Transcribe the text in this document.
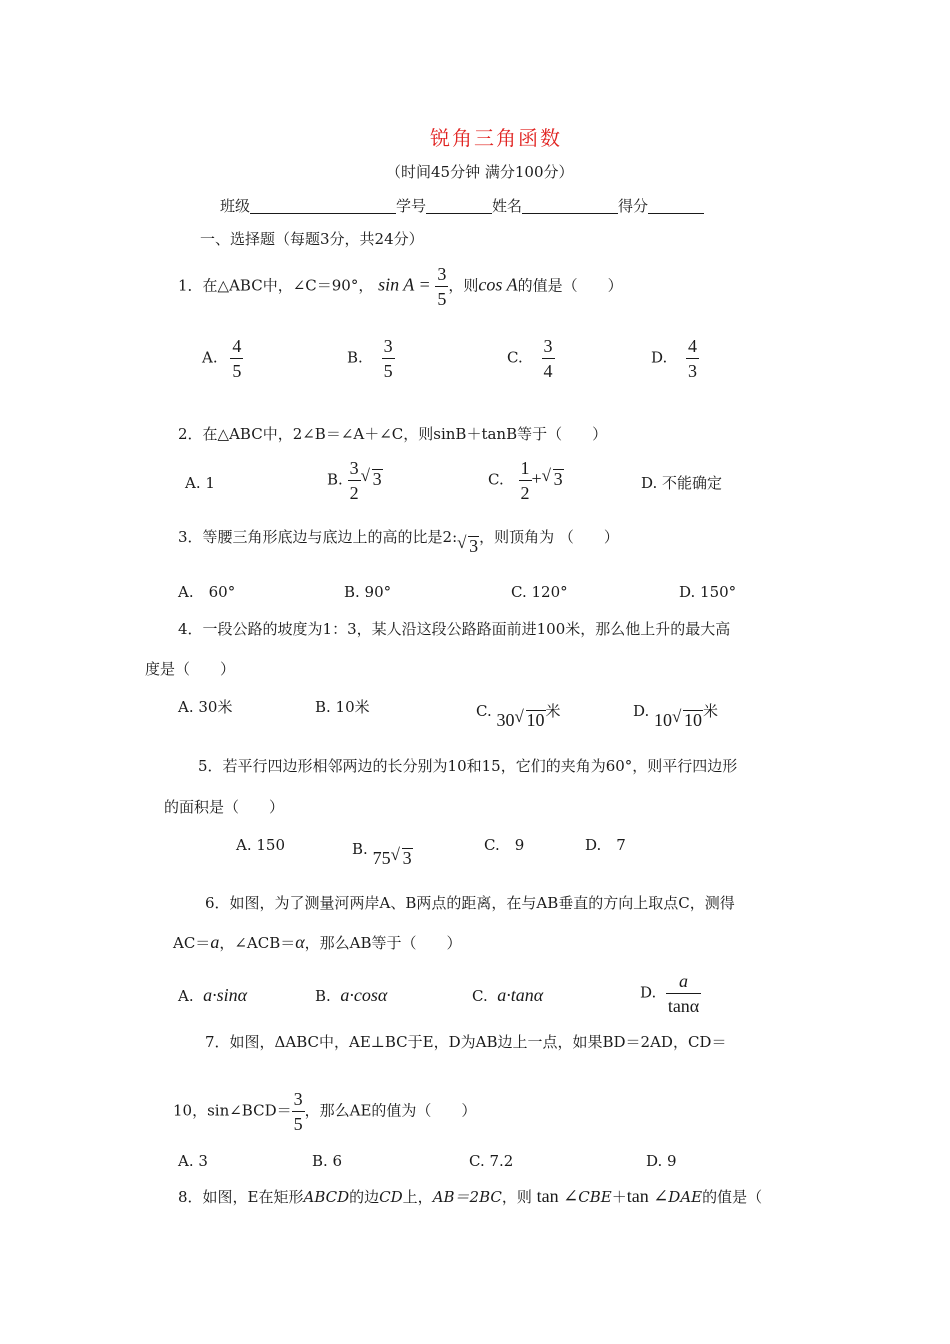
锐角三角函数
（时间45分钟 满分100分）
班级	学号	姓名	得分
一、选择题（每题3分，共24分）
1．在△ABC中，∠C＝90°， $\sin A = \frac{3}{5}$ ，则cos A的值是（　　）
A. $\frac{4}{5}$	B. $\frac{3}{5}$	C. $\frac{3}{4}$	D. $\frac{4}{3}$
2．在△ABC中，2∠B＝∠A＋∠C，则sinB＋tanB等于（　　）
A. 1	B. $\frac{3}{2}$ √ 3	C. $\frac{1}{2}$ + √ 3	D. 不能确定
3．等腰三角形底边与底边上的高的比是2: √ 3，则顶角为 （　　）
A.　60°	B. 90°	C. 120°	D. 150°
4．一段公路的坡度为1：3，某人沿这段公路路面前进100米，那么他上升的最大高
度是（　　）
A. 30米	B. 10米	C. 30 √ 10米	D. 10 √ 10米
5．若平行四边形相邻两边的长分别为10和15，它们的夹角为60°，则平行四边形
的面积是（　　）
A. 150	B. 75 √ 3
C.　9	D.　7
6．如图，为了测量河两岸A、B两点的距离，在与AB垂直的方向上取点C，测得
AC＝a，∠ACB＝α，那么AB等于（　　）
A. a·sinα	B. a·cosα	C. a·tanα	D. $\frac{a}{\tan\alpha}$
7．如图，ΔABC中，AE⊥BC于E，D为AB边上一点，如果BD＝2AD，CD＝
10，sin∠BCD＝ $\frac{3}{5}$ ，那么AE的值为（　　）
A. 3	B. 6	C. 7.2	D. 9
8．如图，E在矩形ABCD的边CD上，AB＝2BC，则 tan ∠CBE＋tan ∠DAE的值是（
